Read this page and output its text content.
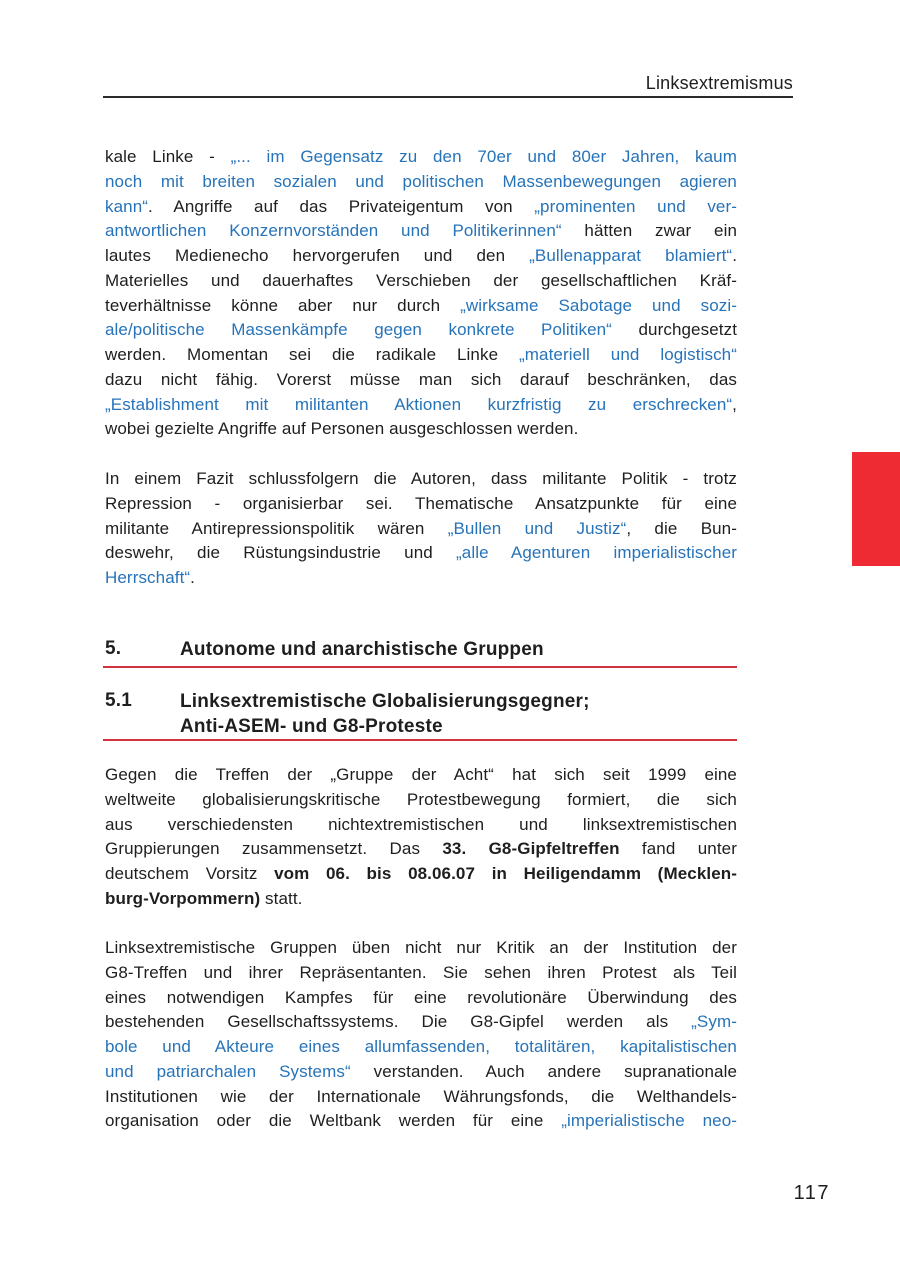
Linksextremismus
kale Linke - „... im Gegensatz zu den 70er und 80er Jahren, kaum
noch mit breiten sozialen und politischen Massenbewegungen agieren
kann“. Angriffe auf das Privateigentum von „prominenten und ver-
antwortlichen Konzernvorständen und Politikerinnen“ hätten zwar ein
lautes Medienecho hervorgerufen und den „Bullenapparat blamiert“.
Materielles und dauerhaftes Verschieben der gesellschaftlichen Kräf-
teverhältnisse könne aber nur durch „wirksame Sabotage und sozi-
ale/politische Massenkämpfe gegen konkrete Politiken“ durchgesetzt
werden. Momentan sei die radikale Linke „materiell und logistisch“
dazu nicht fähig. Vorerst müsse man sich darauf beschränken, das
„Establishment mit militanten Aktionen kurzfristig zu erschrecken“,
wobei gezielte Angriffe auf Personen ausgeschlossen werden.
In einem Fazit schlussfolgern die Autoren, dass militante Politik - trotz
Repression - organisierbar sei. Thematische Ansatzpunkte für eine
militante Antirepressionspolitik wären „Bullen und Justiz“, die Bun-
deswehr, die Rüstungsindustrie und „alle Agenturen imperialistischer
Herrschaft“.
5.	Autonome und anarchistische Gruppen
5.1	Linksextremistische Globalisierungsgegner;
Anti-ASEM- und G8-Proteste
Gegen die Treffen der „Gruppe der Acht“ hat sich seit 1999 eine
weltweite globalisierungskritische Protestbewegung formiert, die sich
aus verschiedensten nichtextremistischen und linksextremistischen
Gruppierungen zusammensetzt. Das 33. G8-Gipfeltreffen fand unter
deutschem Vorsitz vom 06. bis 08.06.07 in Heiligendamm (Mecklen-
burg-Vorpommern) statt.
Linksextremistische Gruppen üben nicht nur Kritik an der Institution der
G8-Treffen und ihrer Repräsentanten. Sie sehen ihren Protest als Teil
eines notwendigen Kampfes für eine revolutionäre Überwindung des
bestehenden Gesellschaftssystems. Die G8-Gipfel werden als „Sym-
bole und Akteure eines allumfassenden, totalitären, kapitalistischen
und patriarchalen Systems“ verstanden. Auch andere supranationale
Institutionen wie der Internationale Währungsfonds, die Welthandels-
organisation oder die Weltbank werden für eine „imperialistische neo-
117
